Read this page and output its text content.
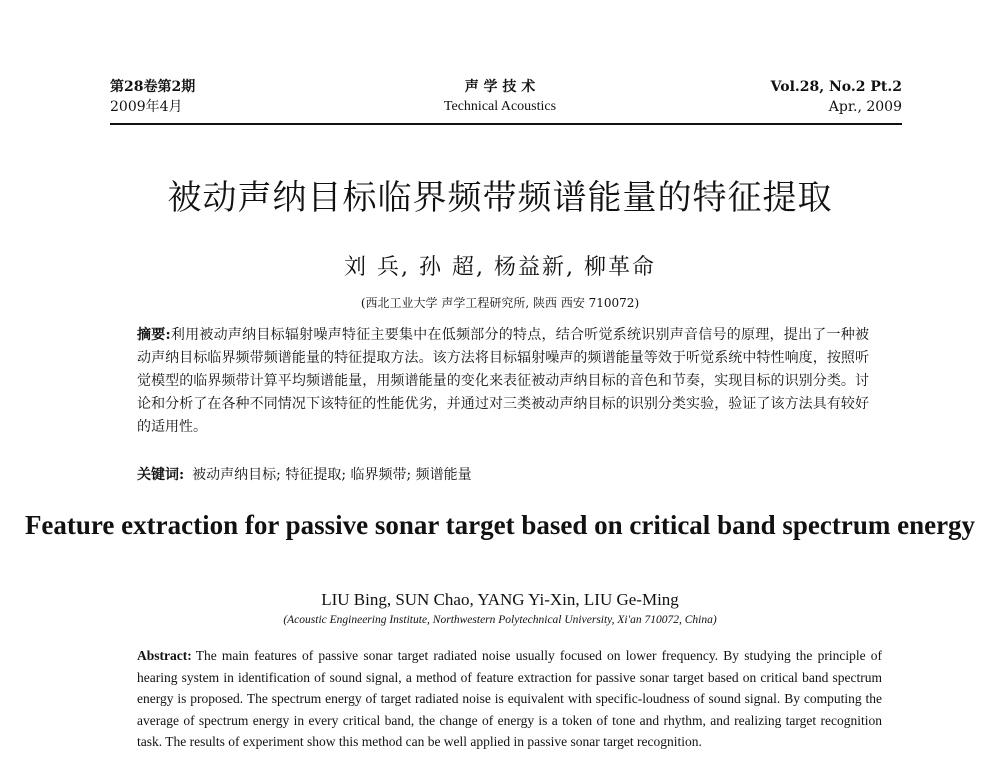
第28卷第2期
2009年4月
声 学 技 术
Technical Acoustics
Vol.28, No.2 Pt.2
Apr., 2009
被动声纳目标临界频带频谱能量的特征提取
刘 兵, 孙 超, 杨益新, 柳革命
(西北工业大学 声学工程研究所, 陕西 西安 710072)
摘要:利用被动声纳目标辐射噪声特征主要集中在低频部分的特点，结合听觉系统识别声音信号的原理，提出了一种被动声纳目标临界频带频谱能量的特征提取方法。该方法将目标辐射噪声的频谱能量等效于听觉系统中特性响度，按照听觉模型的临界频带计算平均频谱能量，用频谱能量的变化来表征被动声纳目标的音色和节奏，实现目标的识别分类。讨论和分析了在各种不同情况下该特征的性能优劣，并通过对三类被动声纳目标的识别分类实验，验证了该方法具有较好的适用性。
关键词: 被动声纳目标; 特征提取; 临界频带; 频谱能量
Feature extraction for passive sonar target based on critical band spectrum energy
LIU Bing, SUN Chao, YANG Yi-Xin, LIU Ge-Ming
(Acoustic Engineering Institute, Northwestern Polytechnical University, Xi'an 710072, China)
Abstract: The main features of passive sonar target radiated noise usually focused on lower frequency. By studying the principle of hearing system in identification of sound signal, a method of feature extraction for passive sonar target based on critical band spectrum energy is proposed. The spectrum energy of target radiated noise is equivalent with specific-loudness of sound signal. By computing the average of spectrum energy in every critical band, the change of energy is a token of tone and rhythm, and realizing target recognition task. The results of experiment show this method can be well applied in passive sonar target recognition.
